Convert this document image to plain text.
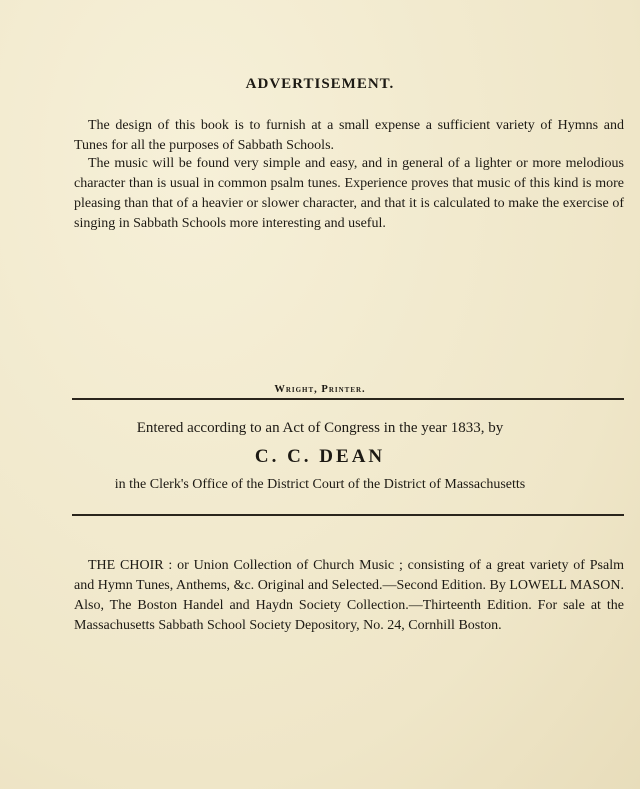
ADVERTISEMENT.
The design of this book is to furnish at a small expense a sufficient variety of Hymns and Tunes for all the purposes of Sabbath Schools.
The music will be found very simple and easy, and in general of a lighter or more melodious character than is usual in common psalm tunes. Experience proves that music of this kind is more pleasing than that of a heavier or slower character, and that it is calculated to make the exercise of singing in Sabbath Schools more interesting and useful.
Wright, Printer.
Entered according to an Act of Congress in the year 1833, by
C. C. DEAN
in the Clerk's Office of the District Court of the District of Massachusetts
THE CHOIR : or Union Collection of Church Music ; consisting of a great variety of Psalm and Hymn Tunes, Anthems, &c. Original and Selected.—Second Edition. By LOWELL MASON. Also, The Boston Handel and Haydn Society Collection.—Thirteenth Edition. For sale at the Massachusetts Sabbath School Society Depository, No. 24, Cornhill Boston.
